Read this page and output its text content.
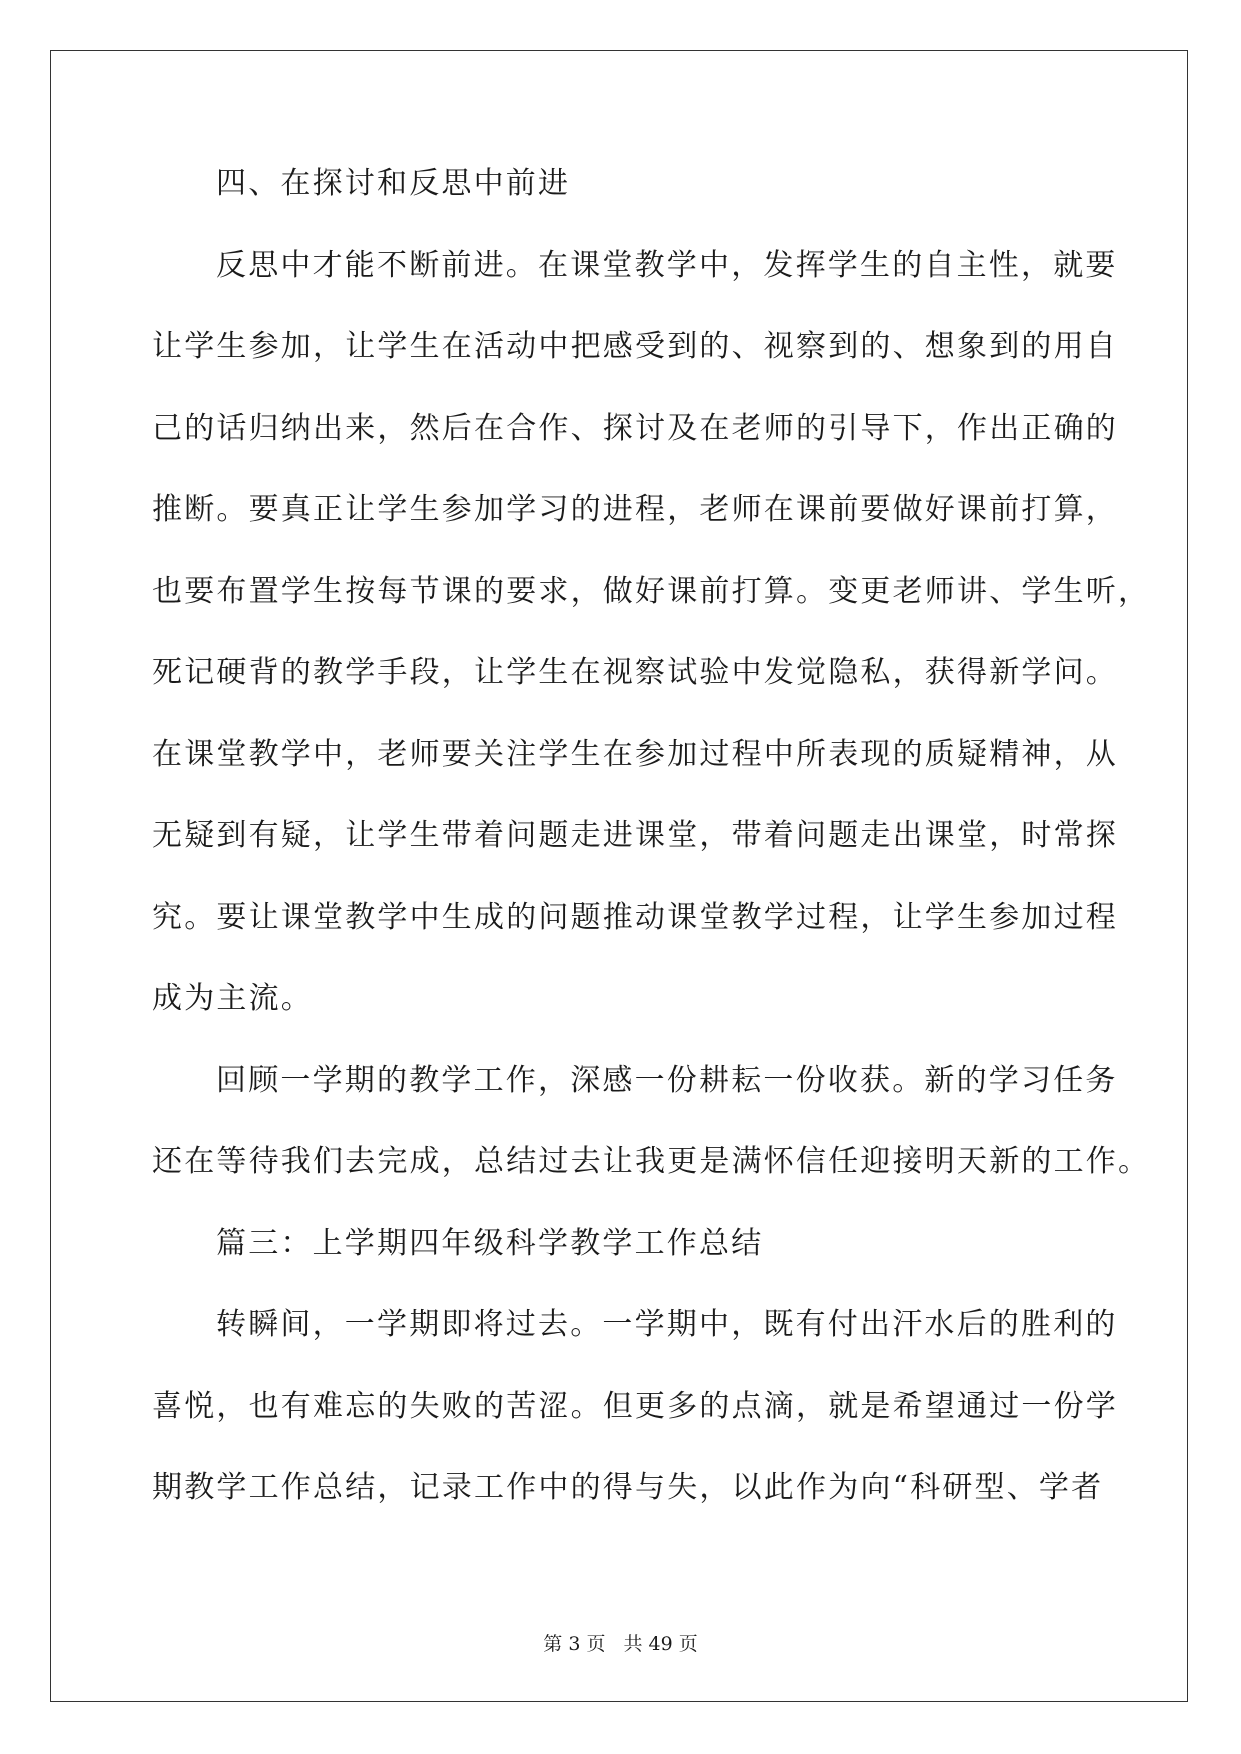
四、在探讨和反思中前进
反思中才能不断前进。在课堂教学中，发挥学生的自主性，就要
让学生参加，让学生在活动中把感受到的、视察到的、想象到的用自
己的话归纳出来，然后在合作、探讨及在老师的引导下，作出正确的
推断。要真正让学生参加学习的进程，老师在课前要做好课前打算，
也要布置学生按每节课的要求，做好课前打算。变更老师讲、学生听，
死记硬背的教学手段，让学生在视察试验中发觉隐私，获得新学问。
在课堂教学中，老师要关注学生在参加过程中所表现的质疑精神，从
无疑到有疑，让学生带着问题走进课堂，带着问题走出课堂，时常探
究。要让课堂教学中生成的问题推动课堂教学过程，让学生参加过程
成为主流。
回顾一学期的教学工作，深感一份耕耘一份收获。新的学习任务
还在等待我们去完成，总结过去让我更是满怀信任迎接明天新的工作。
篇三：上学期四年级科学教学工作总结
转瞬间，一学期即将过去。一学期中，既有付出汗水后的胜利的
喜悦，也有难忘的失败的苦涩。但更多的点滴，就是希望通过一份学
期教学工作总结，记录工作中的得与失，以此作为向“科研型、学者
第 3 页 共 49 页
